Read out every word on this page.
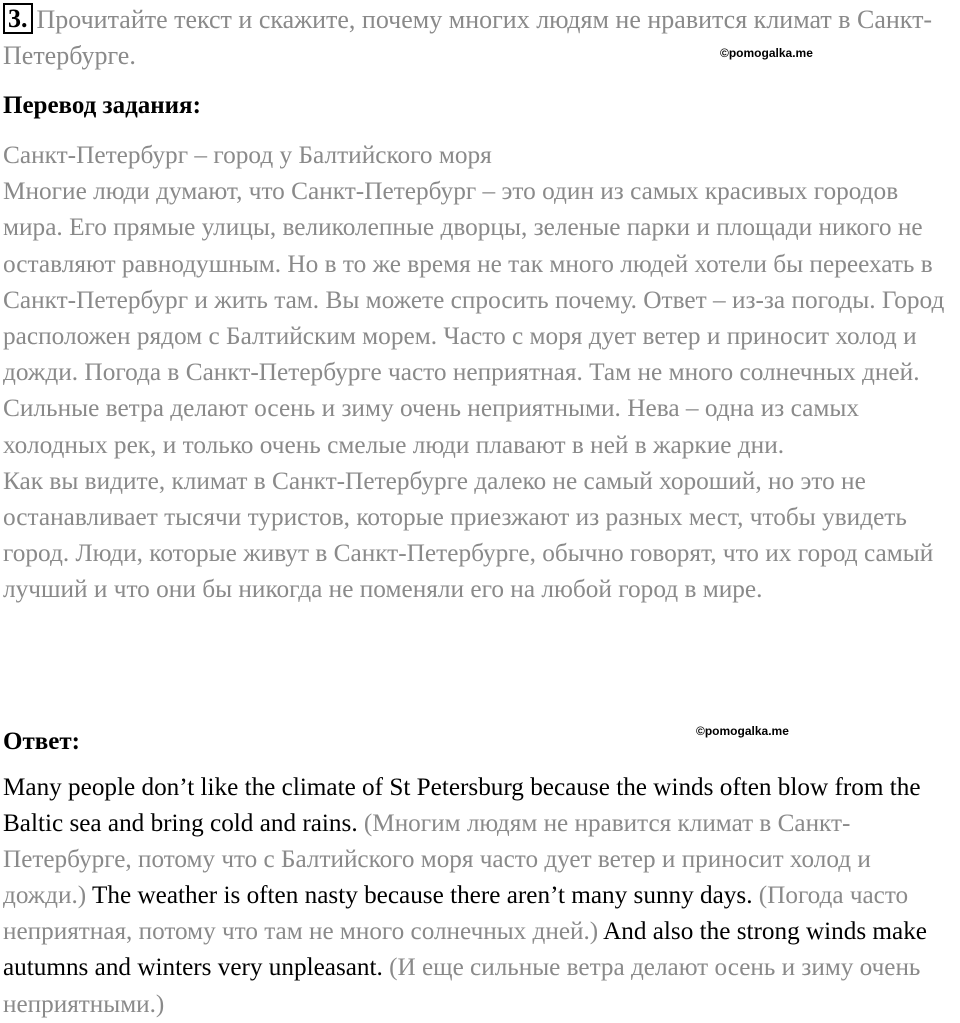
3. Прочитайте текст и скажите, почему многих людям не нравится климат в Санкт-Петербурге.	©pomogalka.me
Перевод задания:

Санкт-Петербург – город у Балтийского моря

Многие люди думают, что Санкт-Петербург – это один из самых красивых городов мира. Его прямые улицы, великолепные дворцы, зеленые парки и площади никого не оставляют равнодушным. Но в то же время не так много людей хотели бы переехать в Санкт-Петербург и жить там. Вы можете спросить почему. Ответ – из-за погоды. Город расположен рядом с Балтийским морем. Часто с моря дует ветер и приносит холод и дожди. Погода в Санкт-Петербурге часто неприятная. Там не много солнечных дней. Сильные ветра делают осень и зиму очень неприятными. Нева – одна из самых холодных рек, и только очень смелые люди плавают в ней в жаркие дни.

Как вы видите, климат в Санкт-Петербурге далеко не самый хороший, но это не останавливает тысячи туристов, которые приезжают из разных мест, чтобы увидеть город. Люди, которые живут в Санкт-Петербурге, обычно говорят, что их город самый лучший и что они бы никогда не поменяли его на любой город в мире.

Ответ:	©pomogalka.me
Many people don’t like the climate of St Petersburg because the winds often blow from the Baltic sea and bring cold and rains. (Многим людям не нравится климат в Санкт-Петербурге, потому что с Балтийского моря часто дует ветер и приносит холод и дожди.) The weather is often nasty because there aren’t many sunny days. (Погода часто неприятная, потому что там не много солнечных дней.) And also the strong winds make autumns and winters very unpleasant. (И еще сильные ветра делают осень и зиму очень неприятными.)
